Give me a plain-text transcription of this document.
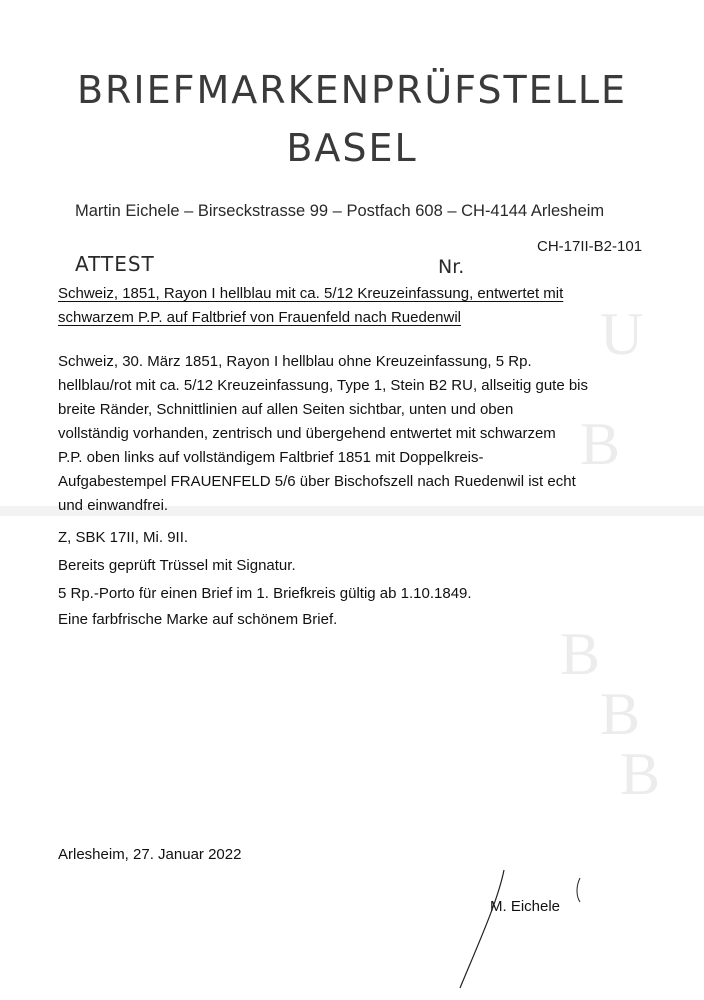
U
B
B
B
B
BRIEFMARKENPRÜFSTELLE
BASEL
Martin Eichele – Birseckstrasse 99 – Postfach 608 – CH-4144 Arlesheim
CH-17II-B2-101
ATTEST	Nr.
Schweiz, 1851, Rayon I hellblau mit ca. 5/12 Kreuzeinfassung, entwertet mit
schwarzem P.P. auf Faltbrief von Frauenfeld nach Ruedenwil
Schweiz, 30. März 1851, Rayon I hellblau ohne Kreuzeinfassung, 5 Rp.
hellblau/rot mit ca. 5/12 Kreuzeinfassung, Type 1, Stein B2 RU, allseitig gute bis
breite Ränder, Schnittlinien auf allen Seiten sichtbar, unten und oben
vollständig vorhanden, zentrisch und übergehend entwertet mit schwarzem
P.P. oben links auf vollständigem Faltbrief 1851 mit Doppelkreis-
Aufgabestempel FRAUENFELD 5/6 über Bischofszell nach Ruedenwil ist echt
und einwandfrei.
Z, SBK 17II, Mi. 9II.
Bereits geprüft Trüssel mit Signatur.
5 Rp.-Porto für einen Brief im 1. Briefkreis gültig ab 1.10.1849.
Eine farbfrische Marke auf schönem Brief.
Arlesheim, 27. Januar 2022
M. Eichele
